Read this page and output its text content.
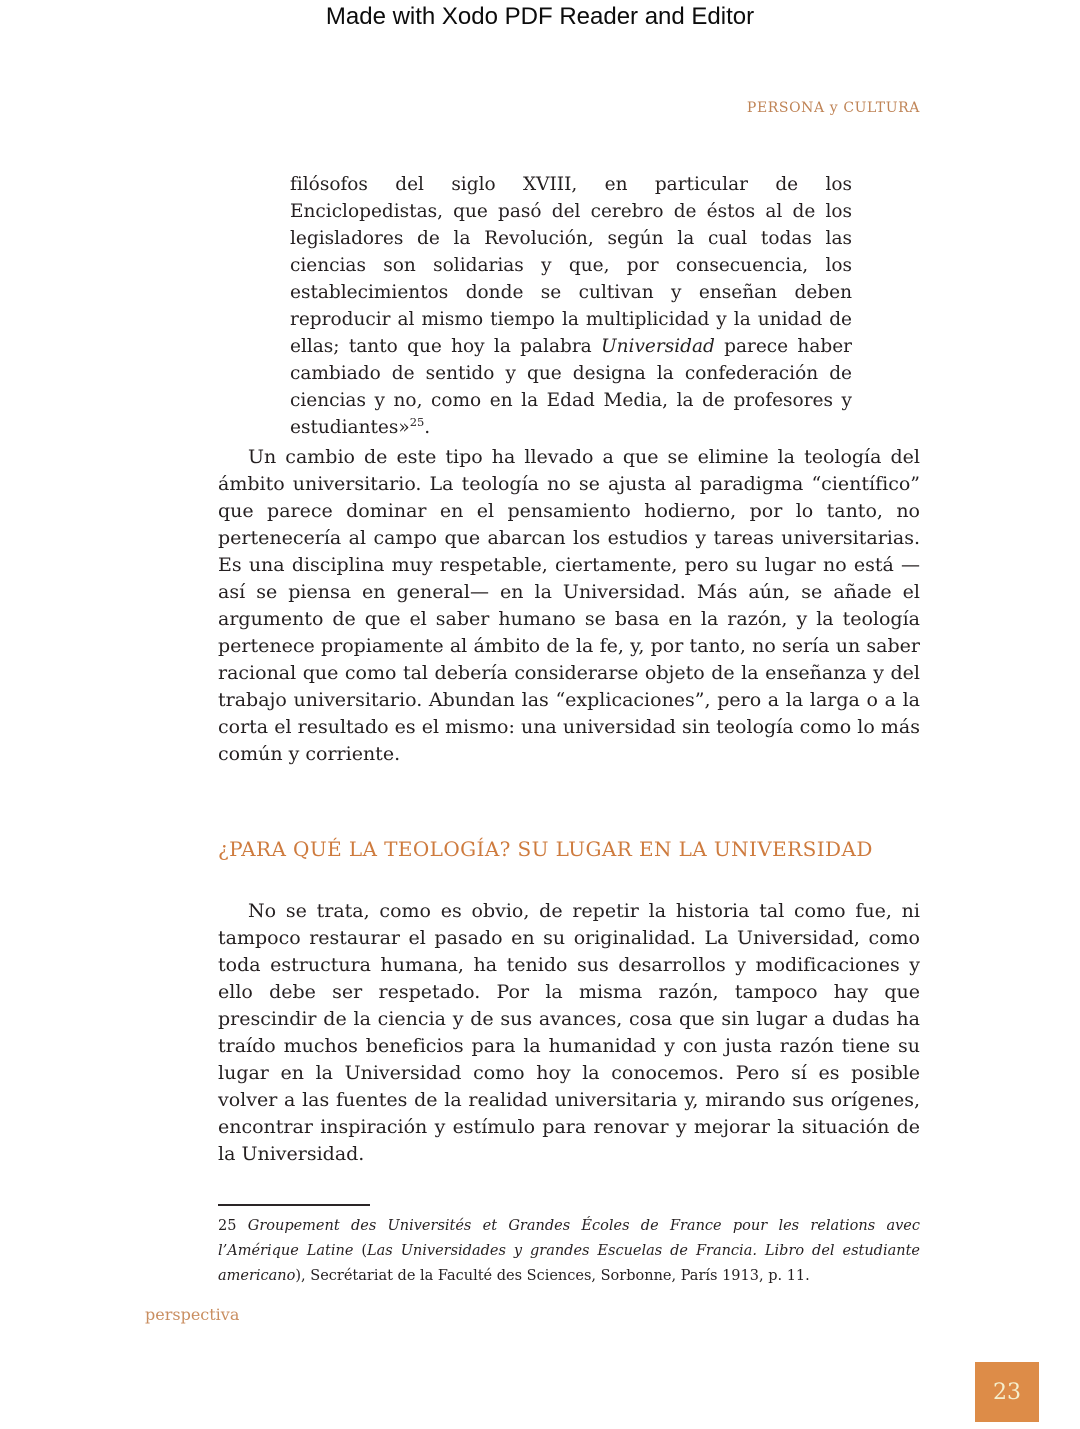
Made with Xodo PDF Reader and Editor
PERSONA y CULTURA
filósofos del siglo XVIII, en particular de los Enciclopedistas, que pasó del cerebro de éstos al de los legisladores de la Revolución, según la cual todas las ciencias son solidarias y que, por consecuencia, los establecimientos donde se cultivan y enseñan deben reproducir al mismo tiempo la multiplicidad y la unidad de ellas; tanto que hoy la palabra Universidad parece haber cambiado de sentido y que designa la confederación de ciencias y no, como en la Edad Media, la de profesores y estudiantes»$^{25}$.
Un cambio de este tipo ha llevado a que se elimine la teología del ámbito universitario. La teología no se ajusta al paradigma “científico” que parece dominar en el pensamiento hodierno, por lo tanto, no pertenecería al campo que abarcan los estudios y tareas universitarias. Es una disciplina muy respetable, ciertamente, pero su lugar no está —así se piensa en general— en la Universidad. Más aún, se añade el argumento de que el saber humano se basa en la razón, y la teología pertenece propiamente al ámbito de la fe, y, por tanto, no sería un saber racional que como tal debería considerarse objeto de la enseñanza y del trabajo universitario. Abundan las “explicaciones”, pero a la larga o a la corta el resultado es el mismo: una universidad sin teología como lo más común y corriente.
¿PARA QUÉ LA TEOLOGÍA? SU LUGAR EN LA UNIVERSIDAD
No se trata, como es obvio, de repetir la historia tal como fue, ni tampoco restaurar el pasado en su originalidad. La Universidad, como toda estructura humana, ha tenido sus desarrollos y modificaciones y ello debe ser respetado. Por la misma razón, tampoco hay que prescindir de la ciencia y de sus avances, cosa que sin lugar a dudas ha traído muchos beneficios para la humanidad y con justa razón tiene su lugar en la Universidad como hoy la conocemos. Pero sí es posible volver a las fuentes de la realidad universitaria y, mirando sus orígenes, encontrar inspiración y estímulo para renovar y mejorar la situación de la Universidad.
25 Groupement des Universités et Grandes Écoles de France pour les relations avec l’Amérique Latine (Las Universidades y grandes Escuelas de Francia. Libro del estudiante americano), Secrétariat de la Faculté des Sciences, Sorbonne, París 1913, p. 11.
perspectiva
23
